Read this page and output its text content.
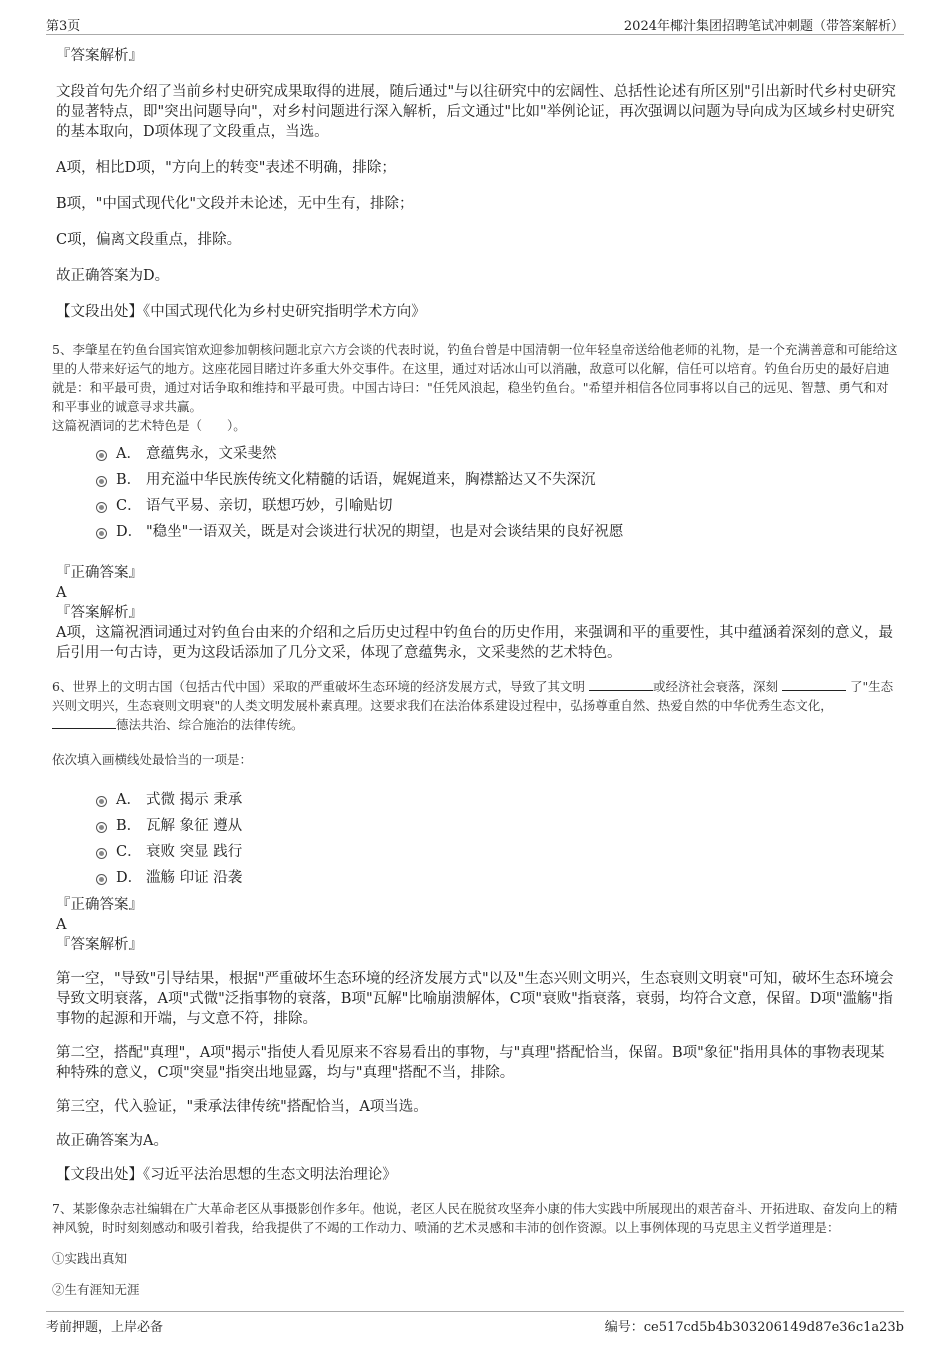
第3页	2024年椰汁集团招聘笔试冲刺题（带答案解析）

『答案解析』

文段首句先介绍了当前乡村史研究成果取得的进展，随后通过"与以往研究中的宏阔性、总括性论述有所区别"引出新时代乡村史研究的显著特点，即"突出问题导向"，对乡村问题进行深入解析，后文通过"比如"举例论证，再次强调以问题为导向成为区域乡村史研究的基本取向，D项体现了文段重点，当选。

A项，相比D项，"方向上的转变"表述不明确，排除；

B项，"中国式现代化"文段并未论述，无中生有，排除；

C项，偏离文段重点，排除。

故正确答案为D。

【文段出处】《中国式现代化为乡村史研究指明学术方向》

5、李肇星在钓鱼台国宾馆欢迎参加朝核问题北京六方会谈的代表时说，钓鱼台曾是中国清朝一位年轻皇帝送给他老师的礼物，是一个充满善意和可能给这里的人带来好运气的地方。这座花园目睹过许多重大外交事件。在这里，通过对话冰山可以消融，敌意可以化解，信任可以培育。钓鱼台历史的最好启迪就是：和平最可贵，通过对话争取和维持和平最可贵。中国古诗曰："任凭风浪起，稳坐钓鱼台。"希望并相信各位同事将以自己的远见、智慧、勇气和对和平事业的诚意寻求共赢。

这篇祝酒词的艺术特色是（　　）。

A． 意蕴隽永，文采斐然
B． 用充溢中华民族传统文化精髓的话语，娓娓道来，胸襟豁达又不失深沉
C． 语气平易、亲切，联想巧妙，引喻贴切
D． "稳坐"一语双关，既是对会谈进行状况的期望，也是对会谈结果的良好祝愿

『正确答案』

A

『答案解析』

A项，这篇祝酒词通过对钓鱼台由来的介绍和之后历史过程中钓鱼台的历史作用，来强调和平的重要性，其中蕴涵着深刻的意义，最后引用一句古诗，更为这段话添加了几分文采，体现了意蕴隽永，文采斐然的艺术特色。

6、世界上的文明古国（包括古代中国）采取的严重破坏生态环境的经济发展方式，导致了其文明	或经济社会衰落，深刻	了"生态兴则文明兴，生态衰则文明衰"的人类文明发展朴素真理。这要求我们在法治体系建设过程中，弘扬尊重自然、热爱自然的中华优秀生态文化， 德法共治、综合施治的法律传统。

依次填入画横线处最恰当的一项是：

A． 式微 揭示 秉承
B． 瓦解 象征 遵从
C． 衰败 突显 践行
D． 滥觞 印证 沿袭

『正确答案』

A

『答案解析』

第一空，"导致"引导结果，根据"严重破坏生态环境的经济发展方式"以及"生态兴则文明兴，生态衰则文明衰"可知，破坏生态环境会导致文明衰落，A项"式微"泛指事物的衰落，B项"瓦解"比喻崩溃解体，C项"衰败"指衰落，衰弱，均符合文意，保留。D项"滥觞"指事物的起源和开端，与文意不符，排除。

第二空，搭配"真理"，A项"揭示"指使人看见原来不容易看出的事物，与"真理"搭配恰当，保留。B项"象征"指用具体的事物表现某种特殊的意义，C项"突显"指突出地显露，均与"真理"搭配不当，排除。

第三空，代入验证，"秉承法律传统"搭配恰当，A项当选。

故正确答案为A。

【文段出处】《习近平法治思想的生态文明法治理论》

7、某影像杂志社编辑在广大革命老区从事摄影创作多年。他说，老区人民在脱贫攻坚奔小康的伟大实践中所展现出的艰苦奋斗、开拓进取、奋发向上的精神风貌，时时刻刻感动和吸引着我，给我提供了不竭的工作动力、喷涌的艺术灵感和丰沛的创作资源。以上事例体现的马克思主义哲学道理是：

①实践出真知

②生有涯知无涯

考前押题，上岸必备	编号：ce517cd5b4b303206149d87e36c1a23b
